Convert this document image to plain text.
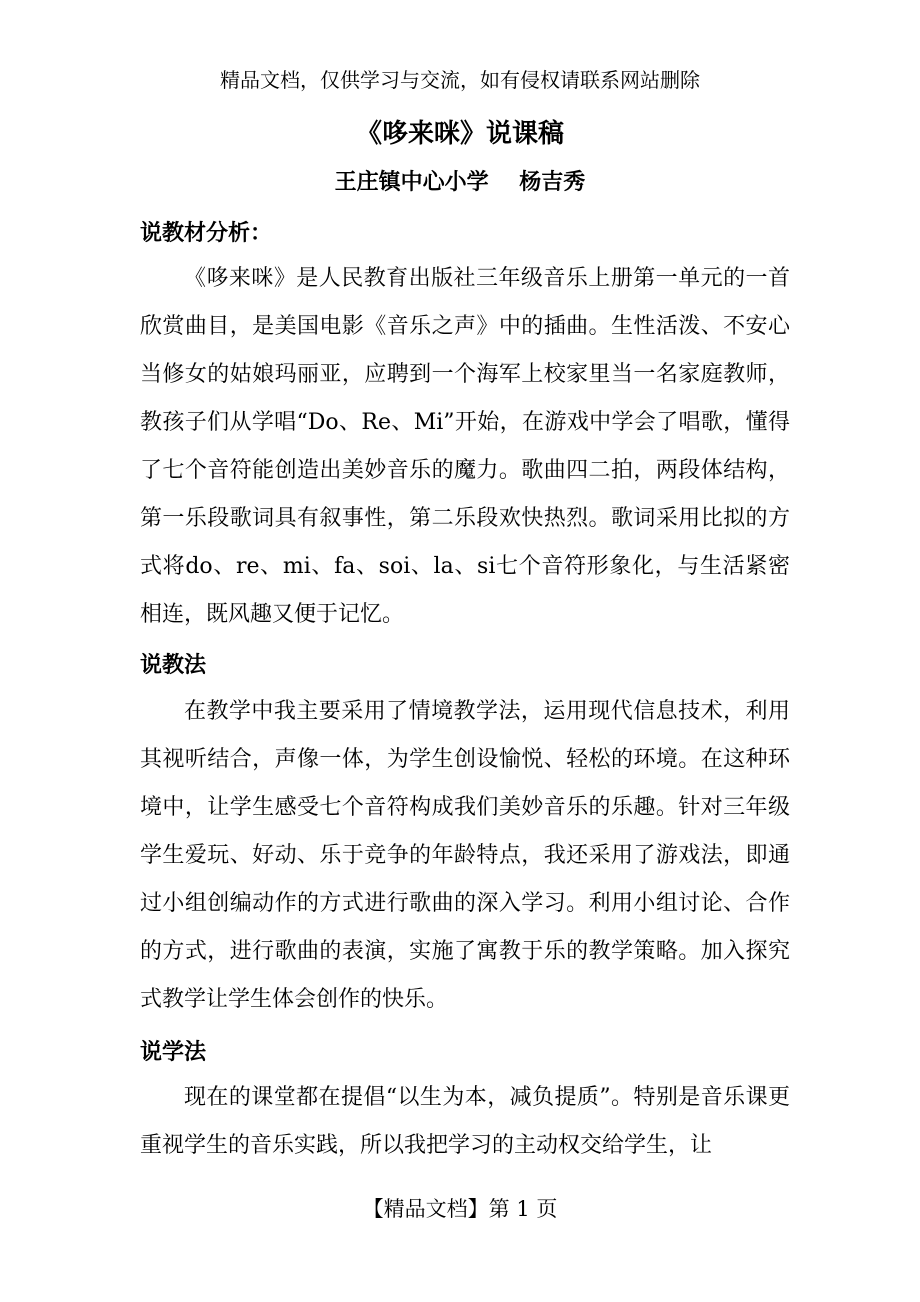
精品文档，仅供学习与交流，如有侵权请联系网站删除
《哆来咪》说课稿
王庄镇中心小学    杨吉秀
说教材分析：
《哆来咪》是人民教育出版社三年级音乐上册第一单元的一首欣赏曲目，是美国电影《音乐之声》中的插曲。生性活泼、不安心当修女的姑娘玛丽亚，应聘到一个海军上校家里当一名家庭教师，教孩子们从学唱“Do、Re、Mi”开始，在游戏中学会了唱歌，懂得了七个音符能创造出美妙音乐的魔力。歌曲四二拍，两段体结构，第一乐段歌词具有叙事性，第二乐段欢快热烈。歌词采用比拟的方式将do、re、mi、fa、soi、la、si七个音符形象化，与生活紧密相连，既风趣又便于记忆。
说教法
在教学中我主要采用了情境教学法，运用现代信息技术，利用其视听结合，声像一体，为学生创设愉悦、轻松的环境。在这种环境中，让学生感受七个音符构成我们美妙音乐的乐趣。针对三年级学生爱玩、好动、乐于竞争的年龄特点，我还采用了游戏法，即通过小组创编动作的方式进行歌曲的深入学习。利用小组讨论、合作的方式，进行歌曲的表演，实施了寓教于乐的教学策略。加入探究式教学让学生体会创作的快乐。
说学法
现在的课堂都在提倡“以生为本，减负提质”。特别是音乐课更重视学生的音乐实践，所以我把学习的主动权交给学生，让
【精品文档】第 1 页
